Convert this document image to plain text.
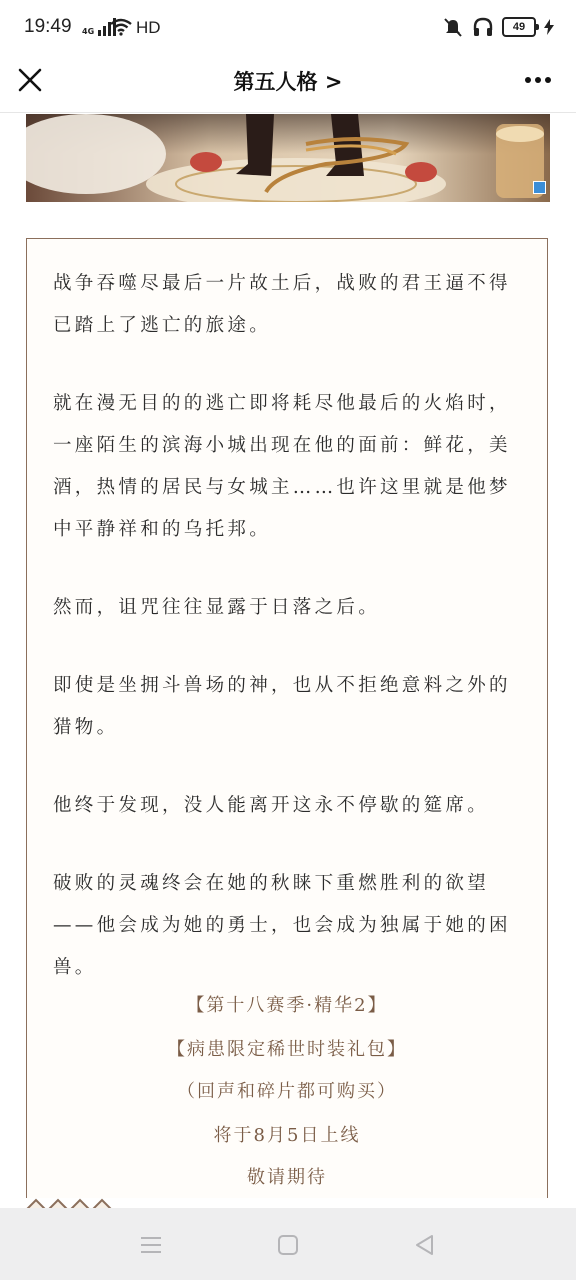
19:49 4G HD	49
第五人格 >
战争吞噬尽最后一片故土后，战败的君王逼不得已踏上了逃亡的旅途。
就在漫无目的的逃亡即将耗尽他最后的火焰时，一座陌生的滨海小城出现在他的面前：鲜花，美酒，热情的居民与女城主……也许这里就是他梦中平静祥和的乌托邦。
然而，诅咒往往显露于日落之后。
即使是坐拥斗兽场的神，也从不拒绝意料之外的猎物。
他终于发现，没人能离开这永不停歇的筵席。
破败的灵魂终会在她的秋睐下重燃胜利的欲望——他会成为她的勇士，也会成为独属于她的困兽。
【第十八赛季·精华2】
【病患限定稀世时装礼包】
（回声和碎片都可购买）
将于8月5日上线
敬请期待
